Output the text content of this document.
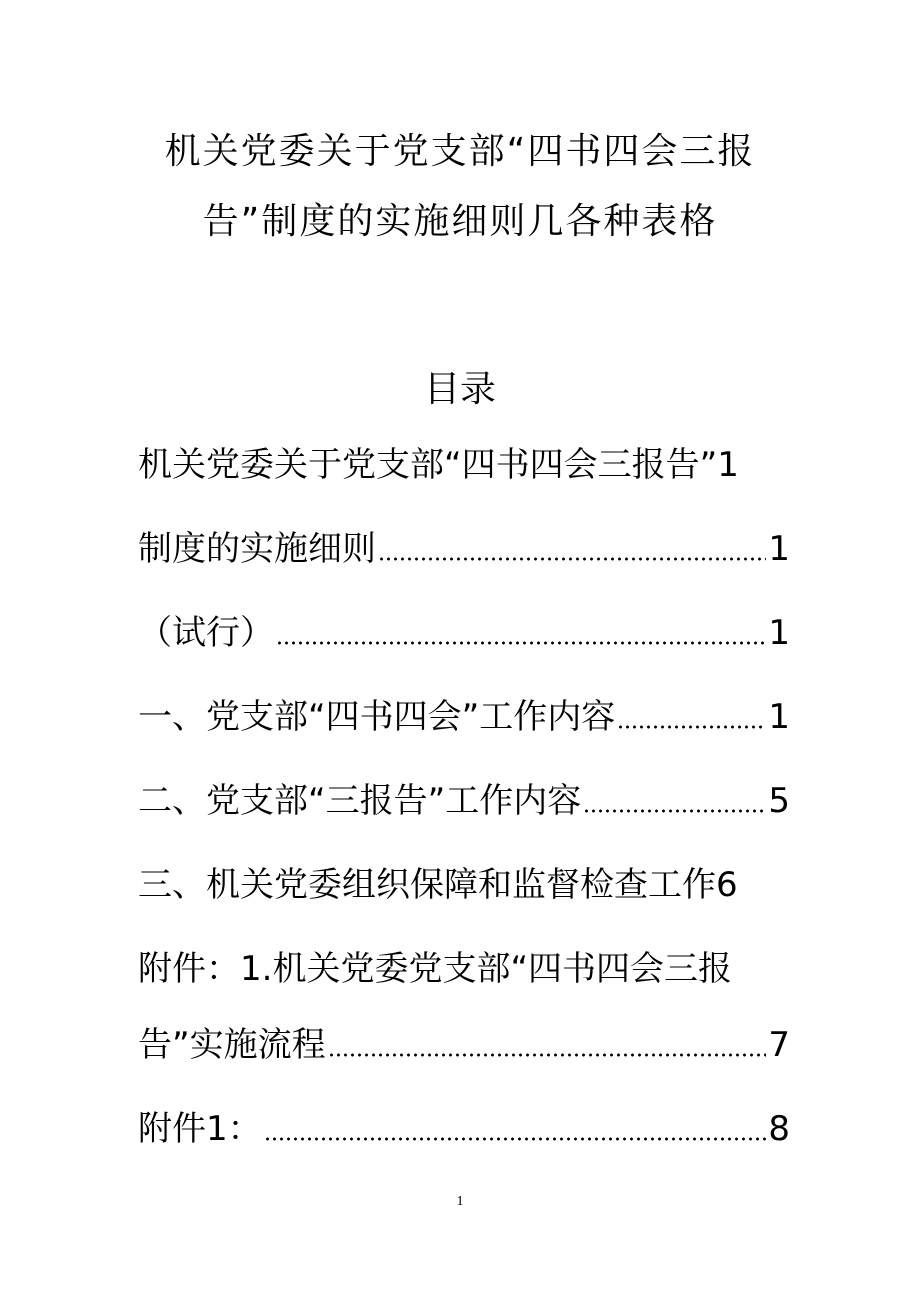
机关党委关于党支部“四书四会三报
告”制度的实施细则几各种表格
目录
机关党委关于党支部“四书四会三报告” 1
制度的实施细则	1
（试行）	1
一、党支部“四书四会”工作内容	1
二、党支部“三报告”工作内容	5
三、机关党委组织保障和监督检查工作 6
附件：1.机关党委党支部“四书四会三报
告”实施流程	7
附件1：	8
1
